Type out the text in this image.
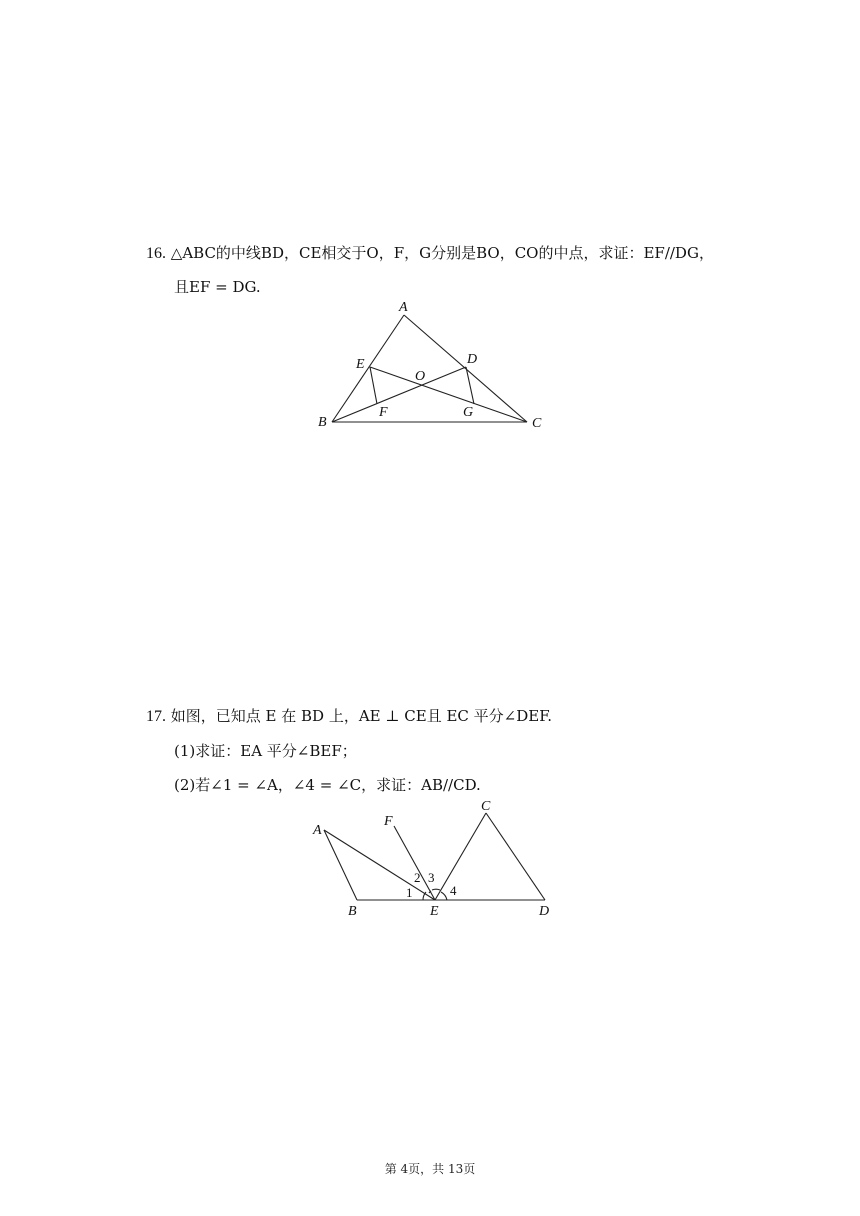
16. △ABC的中线BD，CE相交于O，F，G分别是BO，CO的中点，求证：EF//DG，
且EF = DG.
A
B	C
D
E
F	G
O
17. 如图，已知点 E 在 BD 上，AE ⊥ CE且 EC 平分∠DEF.
(1)求证：EA 平分∠BEF；
(2)若∠1 = ∠A，∠4 = ∠C，求证：AB//CD.
A
B
C
D
E
F
1
2 3
4
第 4页，共 13页
